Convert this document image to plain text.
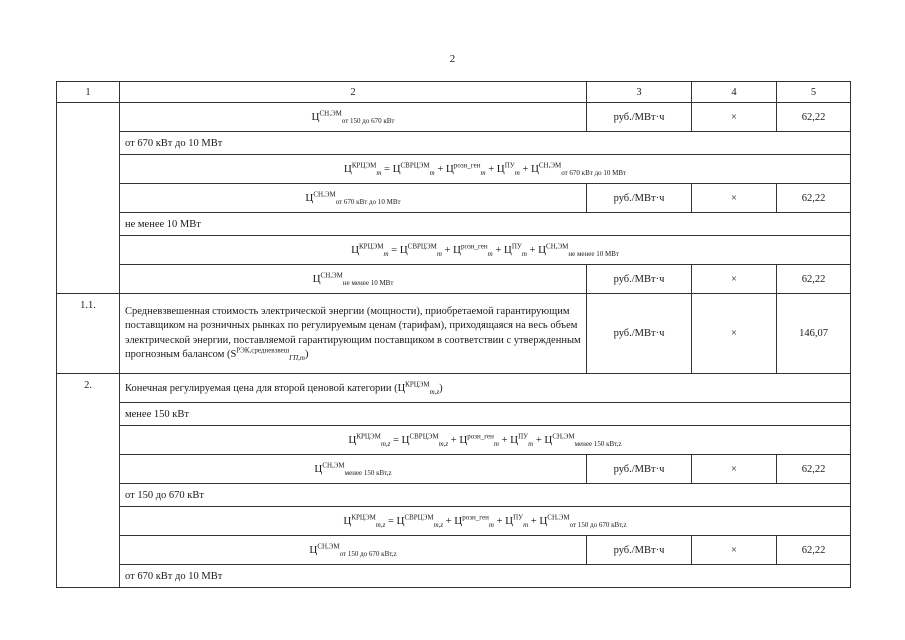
2
1	2	3	4	5
	$Ц^{СН,ЭМ}_{от 150 до 670 кВт}$	руб./МВт·ч	×	62,22
	от 670 кВт до 10 МВт			
	$Ц^{КРЦЭМ}_m = Ц^{СВРЦЭМ}_m + Ц^{розн\_ген}_m + Ц^{ПУ}_m + Ц^{СН,ЭМ}_{от 670 кВт до 10 МВт}$
	$Ц^{СН,ЭМ}_{от 670 кВт до 10 МВт}$	руб./МВт·ч	×	62,22
	не менее 10 МВт			
	$Ц^{КРЦЭМ}_m = Ц^{СВРЦЭМ}_m + Ц^{розн\_ген}_m + Ц^{ПУ}_m + Ц^{СН,ЭМ}_{не менее 10 МВт}$
	$Ц^{СН,ЭМ}_{не менее 10 МВт}$	руб./МВт·ч	×	62,22
1.1.	Средневзвешенная стоимость электрической энергии (мощности), приобретаемой гарантирующим поставщиком на розничных рынках по регулируемым ценам (тарифам), приходящаяся на весь объем электрической энергии, поставляемой гарантирующим поставщиком в соответствии с утвержденным прогнозным балансом $(S^{РЭК,средневзвеш}_{ГП,m})$	руб./МВт·ч	×	146,07
2.	Конечная регулируемая цена для второй ценовой категории $(Ц^{КРЦЭМ}_{m,z})$			
	менее 150 кВт			
	$Ц^{КРЦЭМ}_{m,z} = Ц^{СВРЦЭМ}_{m,z} + Ц^{розн\_ген}_m + Ц^{ПУ}_m + Ц^{СН,ЭМ}_{менее 150 кВт,z}$
	$Ц^{СН,ЭМ}_{менее 150 кВт,z}$	руб./МВт·ч	×	62,22
	от 150 до 670 кВт			
	$Ц^{КРЦЭМ}_{m,z} = Ц^{СВРЦЭМ}_{m,z} + Ц^{розн\_ген}_m + Ц^{ПУ}_m + Ц^{СН,ЭМ}_{от 150 до 670 кВт,z}$
	$Ц^{СН,ЭМ}_{от 150 до 670 кВт,z}$	руб./МВт·ч	×	62,22
	от 670 кВт до 10 МВт			
